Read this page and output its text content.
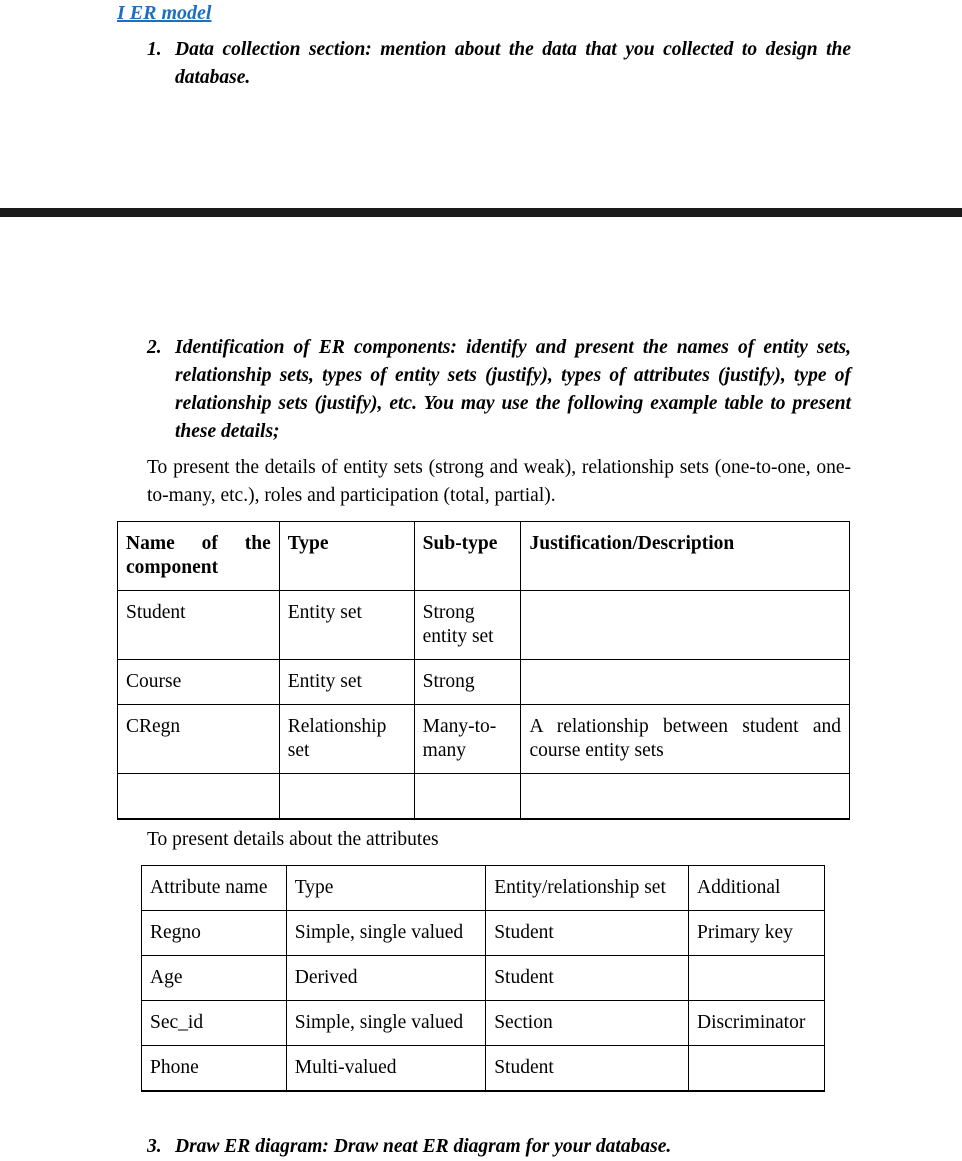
I ER model
1. Data collection section: mention about the data that you collected to design the database.
2. Identification of ER components: identify and present the names of entity sets, relationship sets, types of entity sets (justify), types of attributes (justify), type of relationship sets (justify), etc. You may use the following example table to present these details;
To present the details of entity sets (strong and weak), relationship sets (one-to-one, one-to-many, etc.), roles and participation (total, partial).
Name of the component	Type	Sub-type	Justification/Description
Student	Entity set	Strong entity set	
Course	Entity set	Strong	
CRegn	Relationship set	Many-to-many	A relationship between student and course entity sets

To present details about the attributes
Attribute name	Type	Entity/relationship set	Additional
Regno	Simple, single valued	Student	Primary key
Age	Derived	Student	
Sec_id	Simple, single valued	Section	Discriminator
Phone	Multi-valued	Student	
3. Draw ER diagram: Draw neat ER diagram for your database.
